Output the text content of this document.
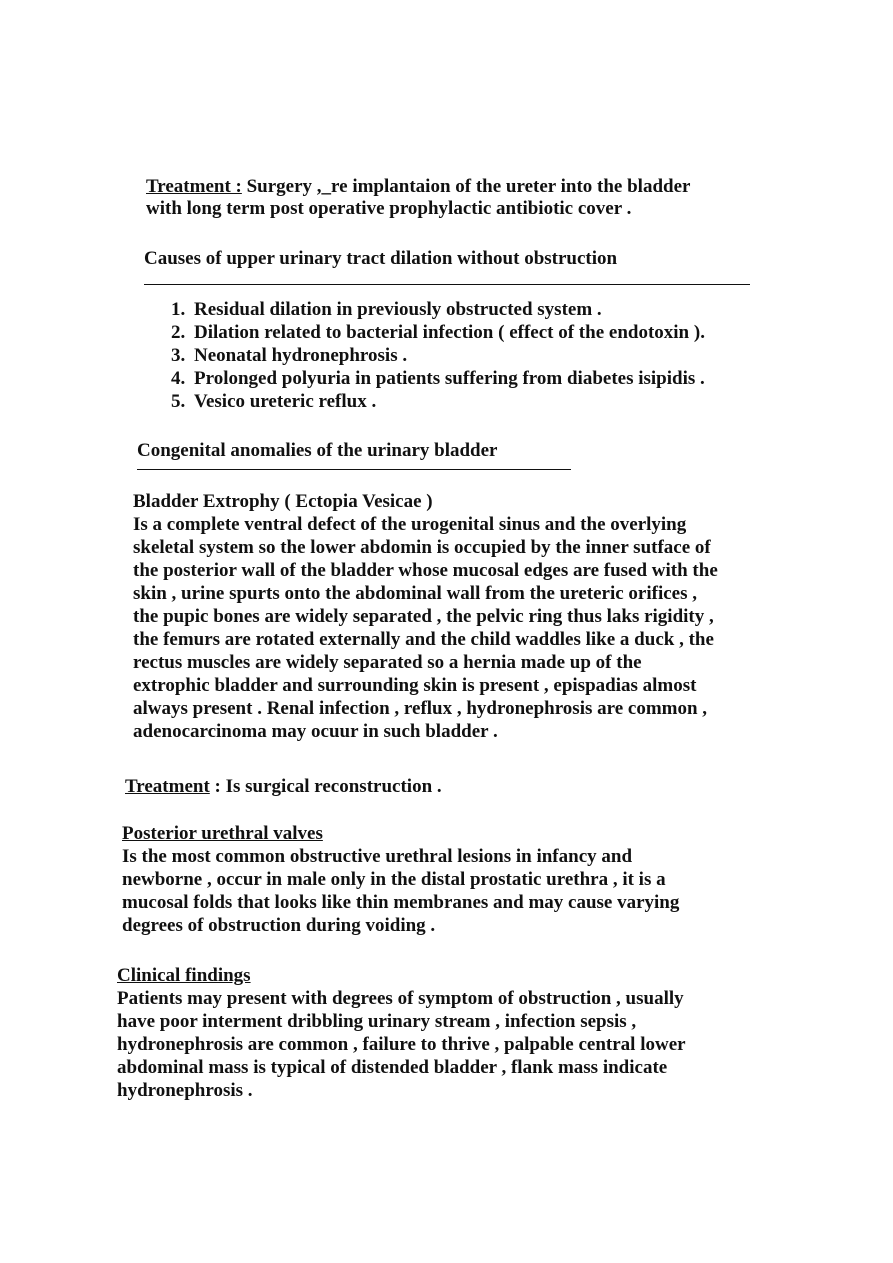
Treatment : Surgery ,_re implantaion of the ureter into the bladder
with long term post operative prophylactic antibiotic cover .
Causes of upper urinary tract dilation without obstruction
1. Residual dilation in previously obstructed system .
2. Dilation related to bacterial infection ( effect of the endotoxin ).
3. Neonatal hydronephrosis .
4. Prolonged polyuria in patients suffering from diabetes isipidis .
5. Vesico ureteric reflux .
Congenital anomalies of the urinary bladder
Bladder Extrophy ( Ectopia Vesicae )
Is a complete ventral defect of the urogenital sinus and the overlying
skeletal system so the lower abdomin is occupied by the inner sutface of
the posterior wall of the bladder whose mucosal edges are fused with the
skin , urine spurts onto the abdominal wall from the ureteric orifices ,
the pupic bones are widely separated , the pelvic ring thus laks rigidity ,
the femurs are rotated externally and the child waddles like a duck , the
rectus muscles are widely separated so a hernia made up of the
extrophic bladder and surrounding skin is present , epispadias almost
always present . Renal infection , reflux , hydronephrosis are common ,
adenocarcinoma may ocuur in such bladder .
Treatment : Is surgical reconstruction .
Posterior urethral valves
Is the most common obstructive urethral lesions in infancy and
newborne , occur in male only in the distal prostatic urethra , it is a
mucosal folds that looks like thin membranes and may cause varying
degrees of obstruction during voiding .
Clinical findings
Patients may present with degrees of symptom of obstruction , usually
have poor interment dribbling urinary stream , infection sepsis ,
hydronephrosis are common , failure to thrive , palpable central lower
abdominal mass is typical of distended bladder , flank mass indicate
hydronephrosis .
